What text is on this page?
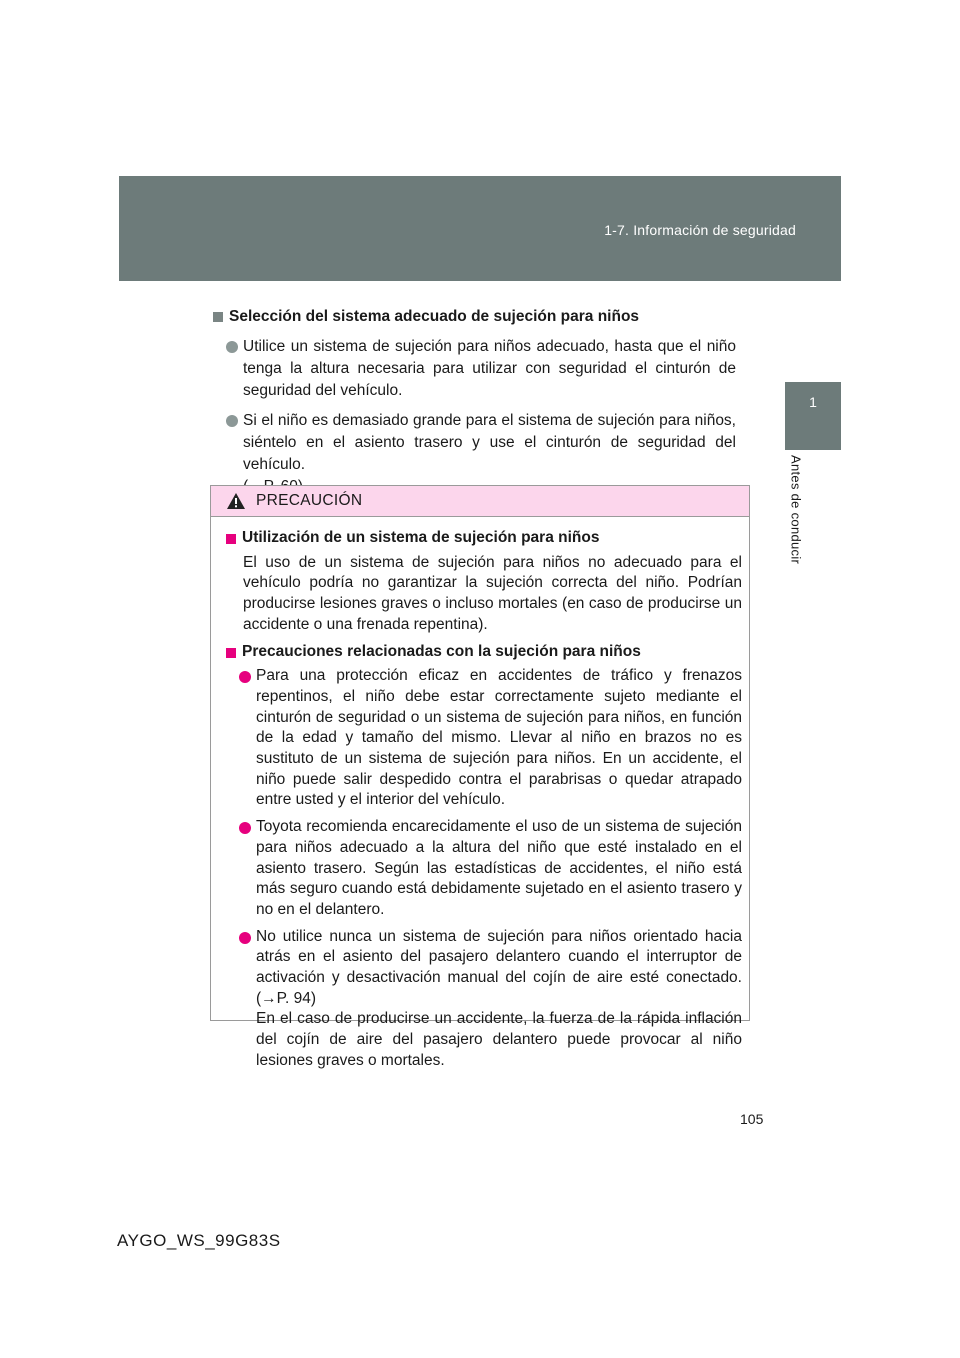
1-7. Información de seguridad
1
Antes de conducir
Selección del sistema adecuado de sujeción para niños
Utilice un sistema de sujeción para niños adecuado, hasta que el niño tenga la altura necesaria para utilizar con seguridad el cinturón de seguridad del vehículo.
Si el niño es demasiado grande para el sistema de sujeción para niños, siéntelo en el asiento trasero y use el cinturón de seguridad del vehículo.
PRECAUCIÓN
Utilización de un sistema de sujeción para niños
El uso de un sistema de sujeción para niños no adecuado para el vehículo podría no garantizar la sujeción correcta del niño. Podrían producirse lesiones graves o incluso mortales (en caso de producirse un accidente o una frenada repentina).
Precauciones relacionadas con la sujeción para niños
Para una protección eficaz en accidentes de tráfico y frenazos repentinos, el niño debe estar correctamente sujeto mediante el cinturón de seguridad o un sistema de sujeción para niños, en función de la edad y tamaño del mismo. Llevar al niño en brazos no es sustituto de un sistema de sujeción para niños. En un accidente, el niño puede salir despedido contra el parabrisas o quedar atrapado entre usted y el interior del vehículo.
Toyota recomienda encarecidamente el uso de un sistema de sujeción para niños adecuado a la altura del niño que esté instalado en el asiento trasero. Según las estadísticas de accidentes, el niño está más seguro cuando está debidamente sujetado en el asiento trasero y no en el delantero.
No utilice nunca un sistema de sujeción para niños orientado hacia atrás en el asiento del pasajero delantero cuando el interruptor de activación y desactivación manual del cojín de aire esté conectado. (→P. 94)
En el caso de producirse un accidente, la fuerza de la rápida inflación del cojín de aire del pasajero delantero puede provocar al niño lesiones graves o mortales.
105
AYGO_WS_99G83S
